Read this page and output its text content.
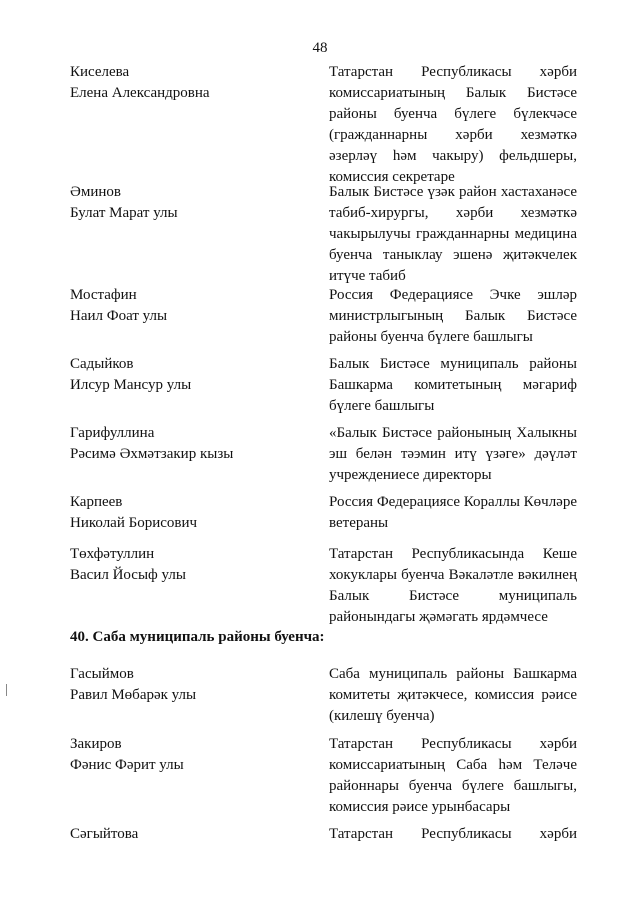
48
Киселева
Елена Александровна
Татарстан Республикасы хәрби комиссариатының Балык Бистәсе районы буенча бүлеге бүлекчәсе (гражданнарны хәрби хезмәткә әзерләү һәм чакыру) фельдшеры, комиссия секретаре
Әминов
Булат Марат улы
Балык Бистәсе үзәк район хастаханәсе табиб-хирургы, хәрби хезмәткә чакырылучы гражданнарны медицина буенча таныклау эшенә җитәкчелек итүче табиб
Мостафин
Наил Фоат улы
Россия Федерациясе Эчке эшләр министрлыгының Балык Бистәсе районы буенча бүлеге башлыгы
Садыйков
Илсур Мансур улы
Балык Бистәсе муниципаль районы Башкарма комитетының мәгариф бүлеге башлыгы
Гарифуллина
Рәсимә Әхмәтзакир кызы
«Балык Бистәсе районының Халыкны эш белән тәэмин итү үзәге» дәүләт учреждениесе директоры
Карпеев
Николай Борисович
Россия Федерациясе Кораллы Көчләре ветераны
Төхфәтуллин
Васил Йосыф улы
Татарстан Республикасында Кеше хокуклары буенча Вәкаләтле вәкилнең Балык Бистәсе муниципаль районындагы җәмәгать ярдәмчесе
40. Саба муниципаль районы буенча:
Гасыймов
Равил Мөбарәк улы
Саба муниципаль районы Башкарма комитеты җитәкчесе, комиссия рәисе (килешү буенча)
Закиров
Фәнис Фәрит улы
Татарстан Республикасы хәрби комиссариатының Саба һәм Теләче районнары буенча бүлеге башлыгы, комиссия рәисе урынбасары
Сәгыйтова	Татарстан Республикасы хәрби
